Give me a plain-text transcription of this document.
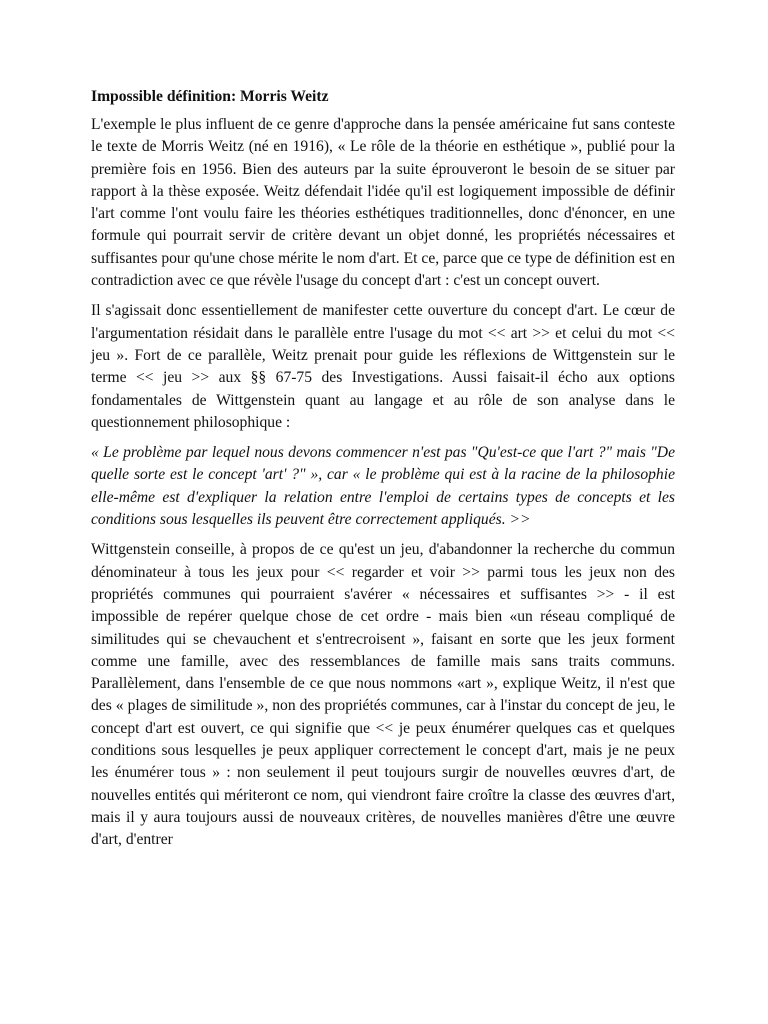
Impossible définition: Morris Weitz

L'exemple le plus influent de ce genre d'approche dans la pensée américaine fut sans conteste le texte de Morris Weitz (né en 1916), « Le rôle de la théorie en esthétique », publié pour la première fois en 1956. Bien des auteurs par la suite éprouveront le besoin de se situer par rapport à la thèse exposée. Weitz défendait l'idée qu'il est logiquement impossible de définir l'art comme l'ont voulu faire les théories esthétiques traditionnelles, donc d'énoncer, en une formule qui pourrait servir de critère devant un objet donné, les propriétés nécessaires et suffisantes pour qu'une chose mérite le nom d'art. Et ce, parce que ce type de définition est en contradiction avec ce que révèle l'usage du concept d'art : c'est un concept ouvert.

Il s'agissait donc essentiellement de manifester cette ouverture du concept d'art. Le cœur de l'argumentation résidait dans le parallèle entre l'usage du mot << art >> et celui du mot << jeu ». Fort de ce parallèle, Weitz prenait pour guide les réflexions de Wittgenstein sur le terme << jeu >> aux §§ 67-75 des Investigations. Aussi faisait-il écho aux options fondamentales de Wittgenstein quant au langage et au rôle de son analyse dans le questionnement philosophique :

« Le problème par lequel nous devons commencer n'est pas "Qu'est-ce que l'art ?" mais "De quelle sorte est le concept 'art' ?" », car « le problème qui est à la racine de la philosophie elle-même est d'expliquer la relation entre l'emploi de certains types de concepts et les conditions sous lesquelles ils peuvent être correctement appliqués. >>

Wittgenstein conseille, à propos de ce qu'est un jeu, d'abandonner la recherche du commun dénominateur à tous les jeux pour << regarder et voir >> parmi tous les jeux non des propriétés communes qui pourraient s'avérer « nécessaires et suffisantes >> - il est impossible de repérer quelque chose de cet ordre - mais bien «un réseau compliqué de similitudes qui se chevauchent et s'entrecroisent », faisant en sorte que les jeux forment comme une famille, avec des ressemblances de famille mais sans traits communs. Parallèlement, dans l'ensemble de ce que nous nommons «art », explique Weitz, il n'est que des « plages de similitude », non des propriétés communes, car à l'instar du concept de jeu, le concept d'art est ouvert, ce qui signifie que << je peux énumérer quelques cas et quelques conditions sous lesquelles je peux appliquer correctement le concept d'art, mais je ne peux les énumérer tous » : non seulement il peut toujours surgir de nouvelles œuvres d'art, de nouvelles entités qui mériteront ce nom, qui viendront faire croître la classe des œuvres d'art, mais il y aura toujours aussi de nouveaux critères, de nouvelles manières d'être une œuvre d'art, d'entrer
